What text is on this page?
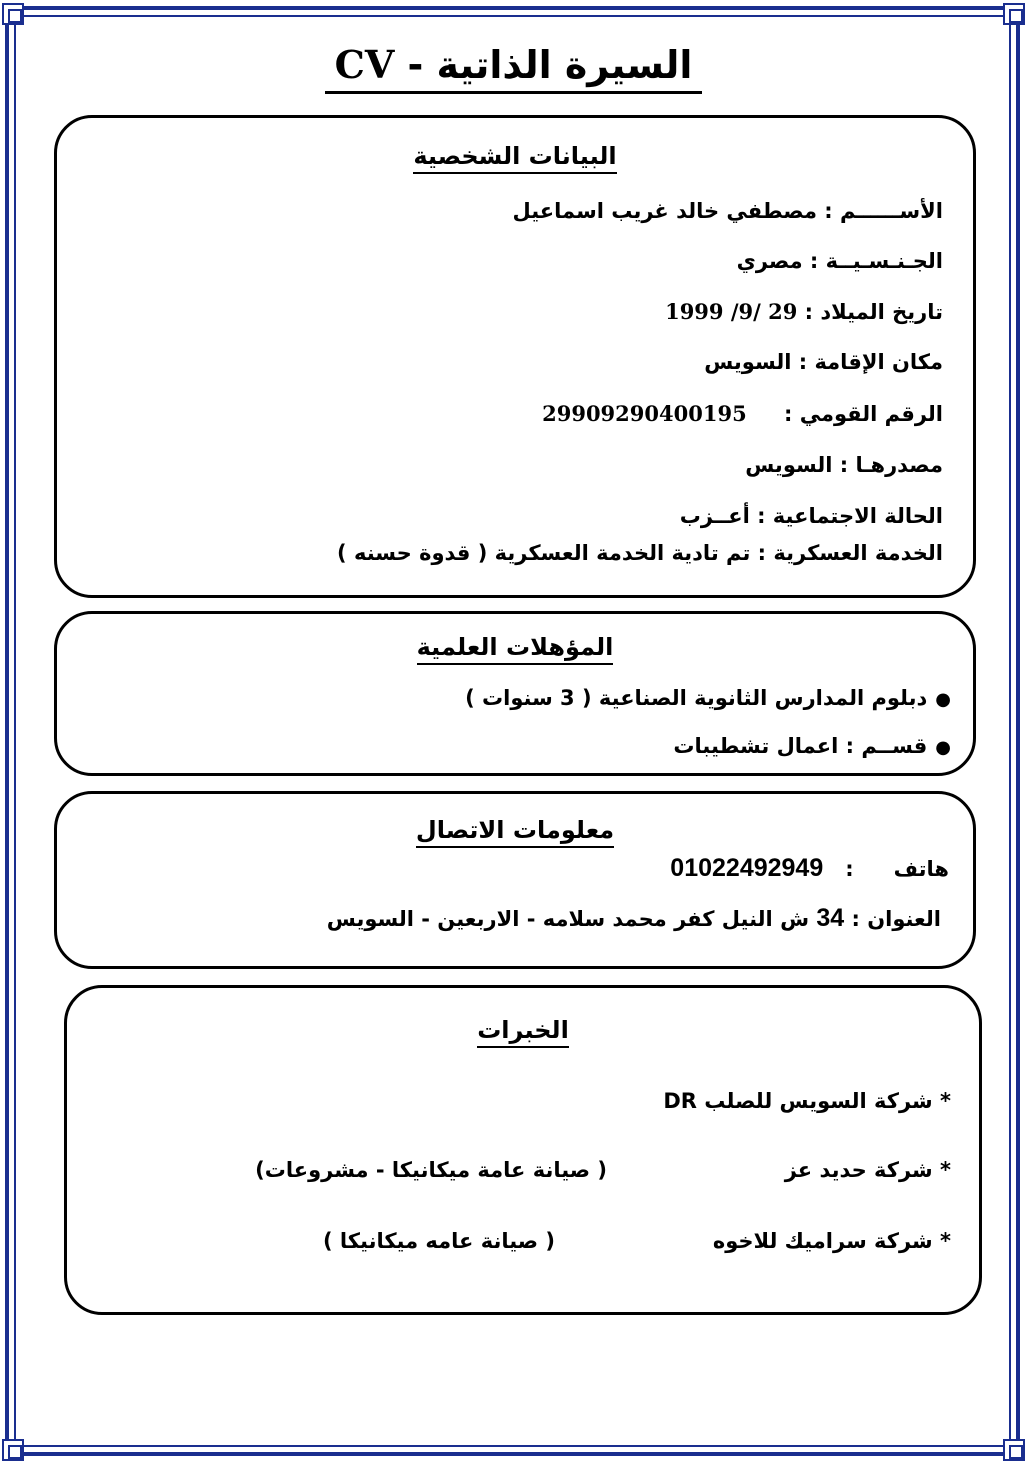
السيرة الذاتية - CV
البيانات الشخصية
الأســــــم : مصطفي خالد غريب اسماعيل
الجـنـسـيــة : مصري
تاريخ الميلاد : 1999 /9/ 29
مكان الإقامة : السويس
الرقم القومي : 29909290400195
مصدرهـا : السويس
الحالة الاجتماعية : أعــزب
الخدمة العسكرية : تم تادية الخدمة العسكرية ( قدوة حسنه )
المؤهلات العلمية
●دبلوم المدارس الثانوية الصناعية ( 3 سنوات )
●قســم : اعمال تشطيبات
معلومات الاتصال
هاتف:01022492949
العنوان : 34 ش النيل كفر محمد سلامه - الاربعين - السويس
الخبرات
* شركة السويس للصلب DR
* شركة حديد عز
( صيانة عامة ميكانيكا - مشروعات)
* شركة سراميك للاخوه
( صيانة عامه ميكانيكا )
